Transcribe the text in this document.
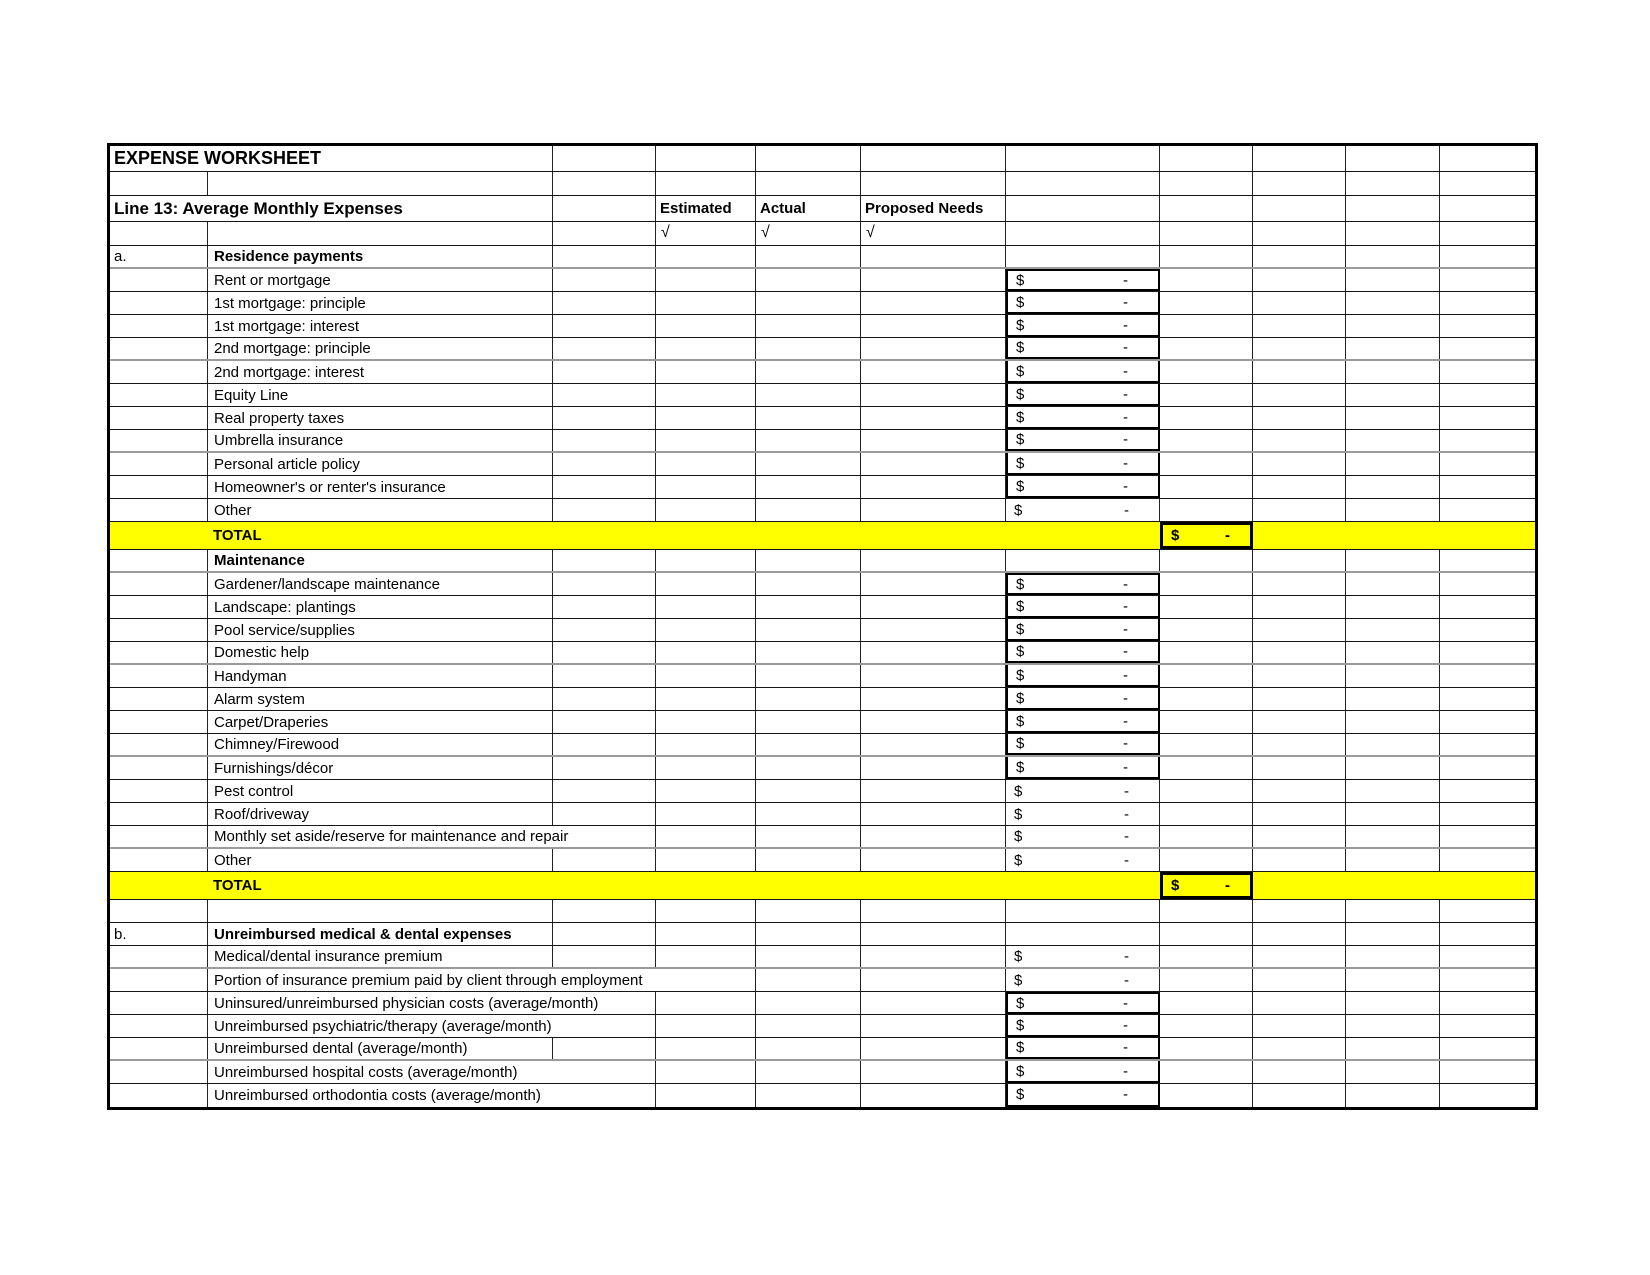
EXPENSE WORKSHEET
Line 13: Average Monthly Expenses	Estimated	Actual	Proposed Needs
√	√	√
a.	Residence payments
Rent or mortgage	$	-
1st mortgage: principle	$	-
1st mortgage: interest	$	-
2nd mortgage: principle	$	-
2nd mortgage: interest	$	-
Equity Line	$	-
Real property taxes	$	-
Umbrella insurance	$	-
Personal article policy	$	-
Homeowner's or renter's insurance	$	-
Other	$	-
TOTAL	$	-
Maintenance
Gardener/landscape maintenance	$	-
Landscape: plantings	$	-
Pool service/supplies	$	-
Domestic help	$	-
Handyman	$	-
Alarm system	$	-
Carpet/Draperies	$	-
Chimney/Firewood	$	-
Furnishings/décor	$	-
Pest control	$	-
Roof/driveway	$	-
Monthly set aside/reserve for maintenance and repair	$	-
Other	$	-
TOTAL	$	-
b.	Unreimbursed medical & dental expenses
Medical/dental insurance premium	$	-
Portion of insurance premium paid by client through employment	$	-
Uninsured/unreimbursed physician costs (average/month)	$	-
Unreimbursed psychiatric/therapy (average/month)	$	-
Unreimbursed dental (average/month)	$	-
Unreimbursed hospital costs (average/month)	$	-
Unreimbursed orthodontia costs (average/month)	$	-
